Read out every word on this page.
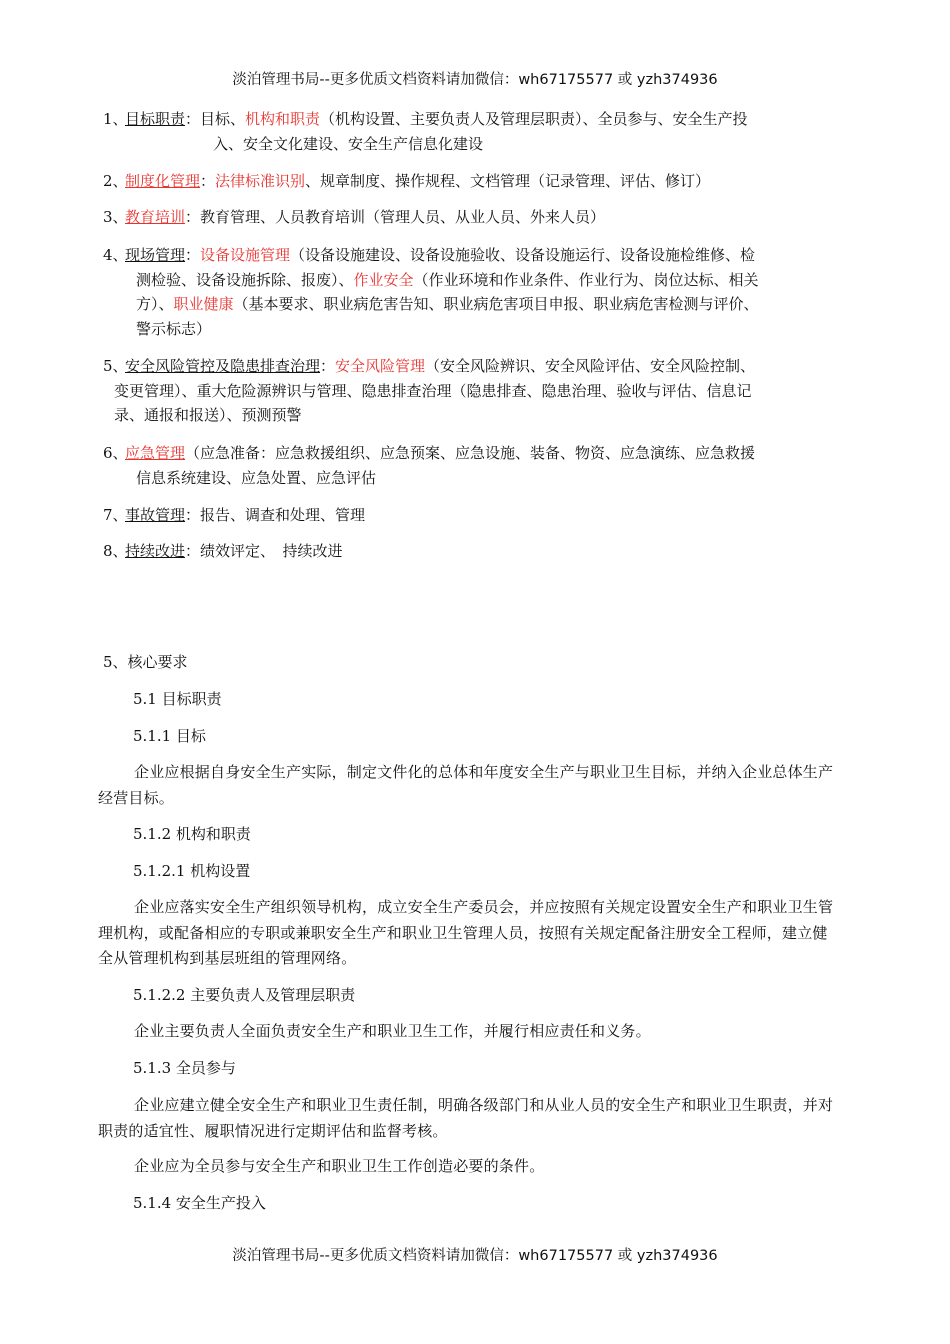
淡泊管理书局--更多优质文档资料请加微信：wh67175577 或 yzh374936
1、
目标职责：目标、机构和职责（机构设置、主要负责人及管理层职责）、全员参与、安全生产投
入、安全文化建设、安全生产信息化建设
2、
制度化管理：法律标准识别、规章制度、操作规程、文档管理（记录管理、评估、修订）
3、
教育培训：教育管理、人员教育培训（管理人员、从业人员、外来人员）
4、
现场管理：设备设施管理（设备设施建设、设备设施验收、设备设施运行、设备设施检维修、检
测检验、设备设施拆除、报废）、作业安全（作业环境和作业条件、作业行为、岗位达标、相关
方）、职业健康（基本要求、职业病危害告知、职业病危害项目申报、职业病危害检测与评价、
警示标志）
5、
安全风险管控及隐患排查治理：安全风险管理（安全风险辨识、安全风险评估、安全风险控制、
变更管理）、重大危险源辨识与管理、隐患排查治理（隐患排查、隐患治理、验收与评估、信息记
录、通报和报送）、预测预警
6、
应急管理（应急准备：应急救援组织、应急预案、应急设施、装备、物资、应急演练、应急救援
信息系统建设、应急处置、应急评估
7、
事故管理：报告、调查和处理、管理
8、
持续改进：绩效评定、　持续改进
5、核心要求
5.1 目标职责
5.1.1 目标
企业应根据自身安全生产实际，制定文件化的总体和年度安全生产与职业卫生目标，并纳入企业总体生产经营目标。
5.1.2 机构和职责
5.1.2.1 机构设置
企业应落实安全生产组织领导机构，成立安全生产委员会，并应按照有关规定设置安全生产和职业卫生管理机构，或配备相应的专职或兼职安全生产和职业卫生管理人员，按照有关规定配备注册安全工程师，建立健全从管理机构到基层班组的管理网络。
5.1.2.2 主要负责人及管理层职责
企业主要负责人全面负责安全生产和职业卫生工作，并履行相应责任和义务。
5.1.3 全员参与
企业应建立健全安全生产和职业卫生责任制，明确各级部门和从业人员的安全生产和职业卫生职责，并对职责的适宜性、履职情况进行定期评估和监督考核。
企业应为全员参与安全生产和职业卫生工作创造必要的条件。
5.1.4 安全生产投入
淡泊管理书局--更多优质文档资料请加微信：wh67175577 或 yzh374936
